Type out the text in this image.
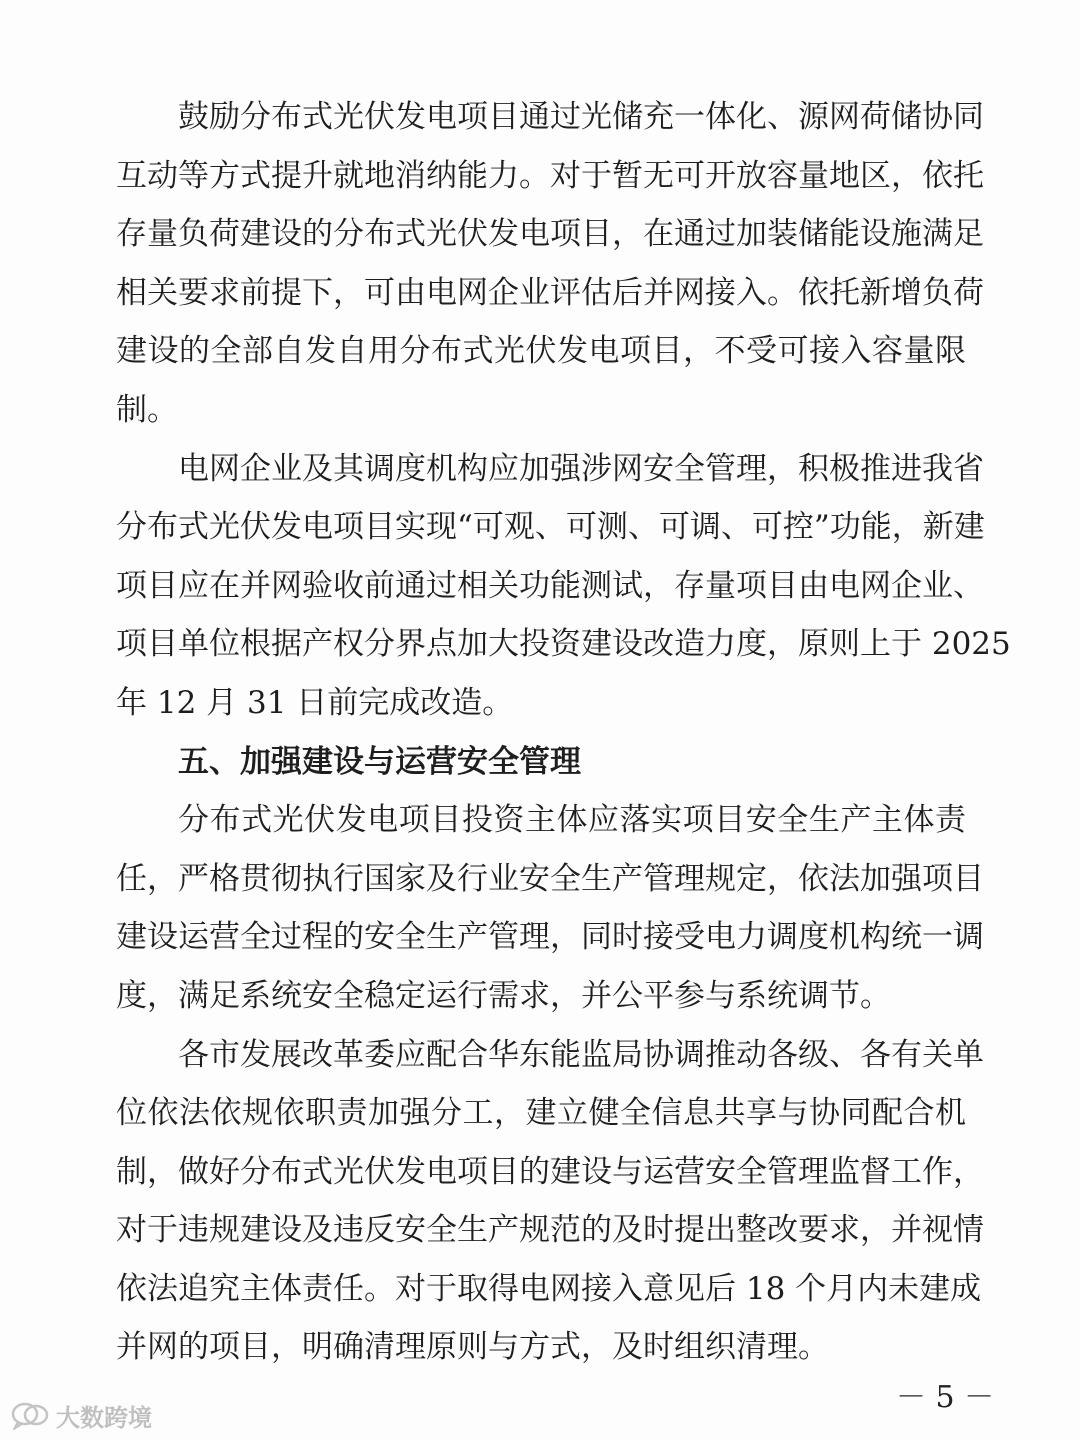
鼓励分布式光伏发电项目通过光储充一体化、源网荷储协同
互动等方式提升就地消纳能力。对于暂无可开放容量地区，依托
存量负荷建设的分布式光伏发电项目，在通过加装储能设施满足
相关要求前提下，可由电网企业评估后并网接入。依托新增负荷
建设的全部自发自用分布式光伏发电项目，不受可接入容量限
制。
电网企业及其调度机构应加强涉网安全管理，积极推进我省
分布式光伏发电项目实现“可观、可测、可调、可控”功能，新建
项目应在并网验收前通过相关功能测试，存量项目由电网企业、
项目单位根据产权分界点加大投资建设改造力度，原则上于 2025
年 12 月 31 日前完成改造。
五、加强建设与运营安全管理
分布式光伏发电项目投资主体应落实项目安全生产主体责
任，严格贯彻执行国家及行业安全生产管理规定，依法加强项目
建设运营全过程的安全生产管理，同时接受电力调度机构统一调
度，满足系统安全稳定运行需求，并公平参与系统调节。
各市发展改革委应配合华东能监局协调推动各级、各有关单
位依法依规依职责加强分工，建立健全信息共享与协同配合机
制，做好分布式光伏发电项目的建设与运营安全管理监督工作，
对于违规建设及违反安全生产规范的及时提出整改要求，并视情
依法追究主体责任。对于取得电网接入意见后 18 个月内未建成
并网的项目，明确清理原则与方式，及时组织清理。
－ 5 －
大数跨境
